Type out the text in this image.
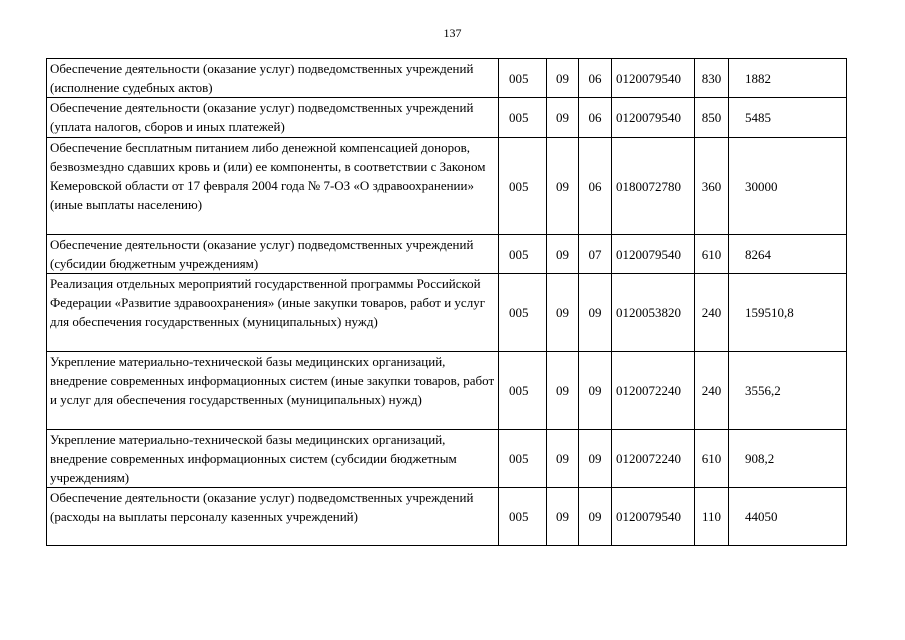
137
Обеспечение деятельности (оказание услуг) подведомственных учреждений (исполнение судебных актов)	005	09	06	0120079540	830	1882
Обеспечение деятельности (оказание услуг) подведомственных учреждений (уплата налогов, сборов и иных платежей)	005	09	06	0120079540	850	5485
Обеспечение бесплатным питанием либо денежной компенсацией доноров, безвозмездно сдавших кровь и (или) ее компоненты, в соответствии с Законом Кемеровской области от 17 февраля 2004 года № 7-ОЗ «О здравоохранении» (иные выплаты населению)	005	09	06	0180072780	360	30000
Обеспечение деятельности (оказание услуг) подведомственных учреждений (субсидии бюджетным учреждениям)	005	09	07	0120079540	610	8264
Реализация отдельных мероприятий государственной программы Российской Федерации «Развитие здравоохранения» (иные закупки товаров, работ и услуг для обеспечения государственных (муниципальных) нужд)	005	09	09	0120053820	240	159510,8
Укрепление материально-технической базы медицинских организаций, внедрение современных информационных систем (иные закупки товаров, работ и услуг для обеспечения государственных (муниципальных) нужд)	005	09	09	0120072240	240	3556,2
Укрепление материально-технической базы медицинских организаций, внедрение современных информационных систем (субсидии бюджетным учреждениям)	005	09	09	0120072240	610	908,2
Обеспечение деятельности (оказание услуг) подведомственных учреждений (расходы на выплаты персоналу казенных учреждений)	005	09	09	0120079540	110	44050
